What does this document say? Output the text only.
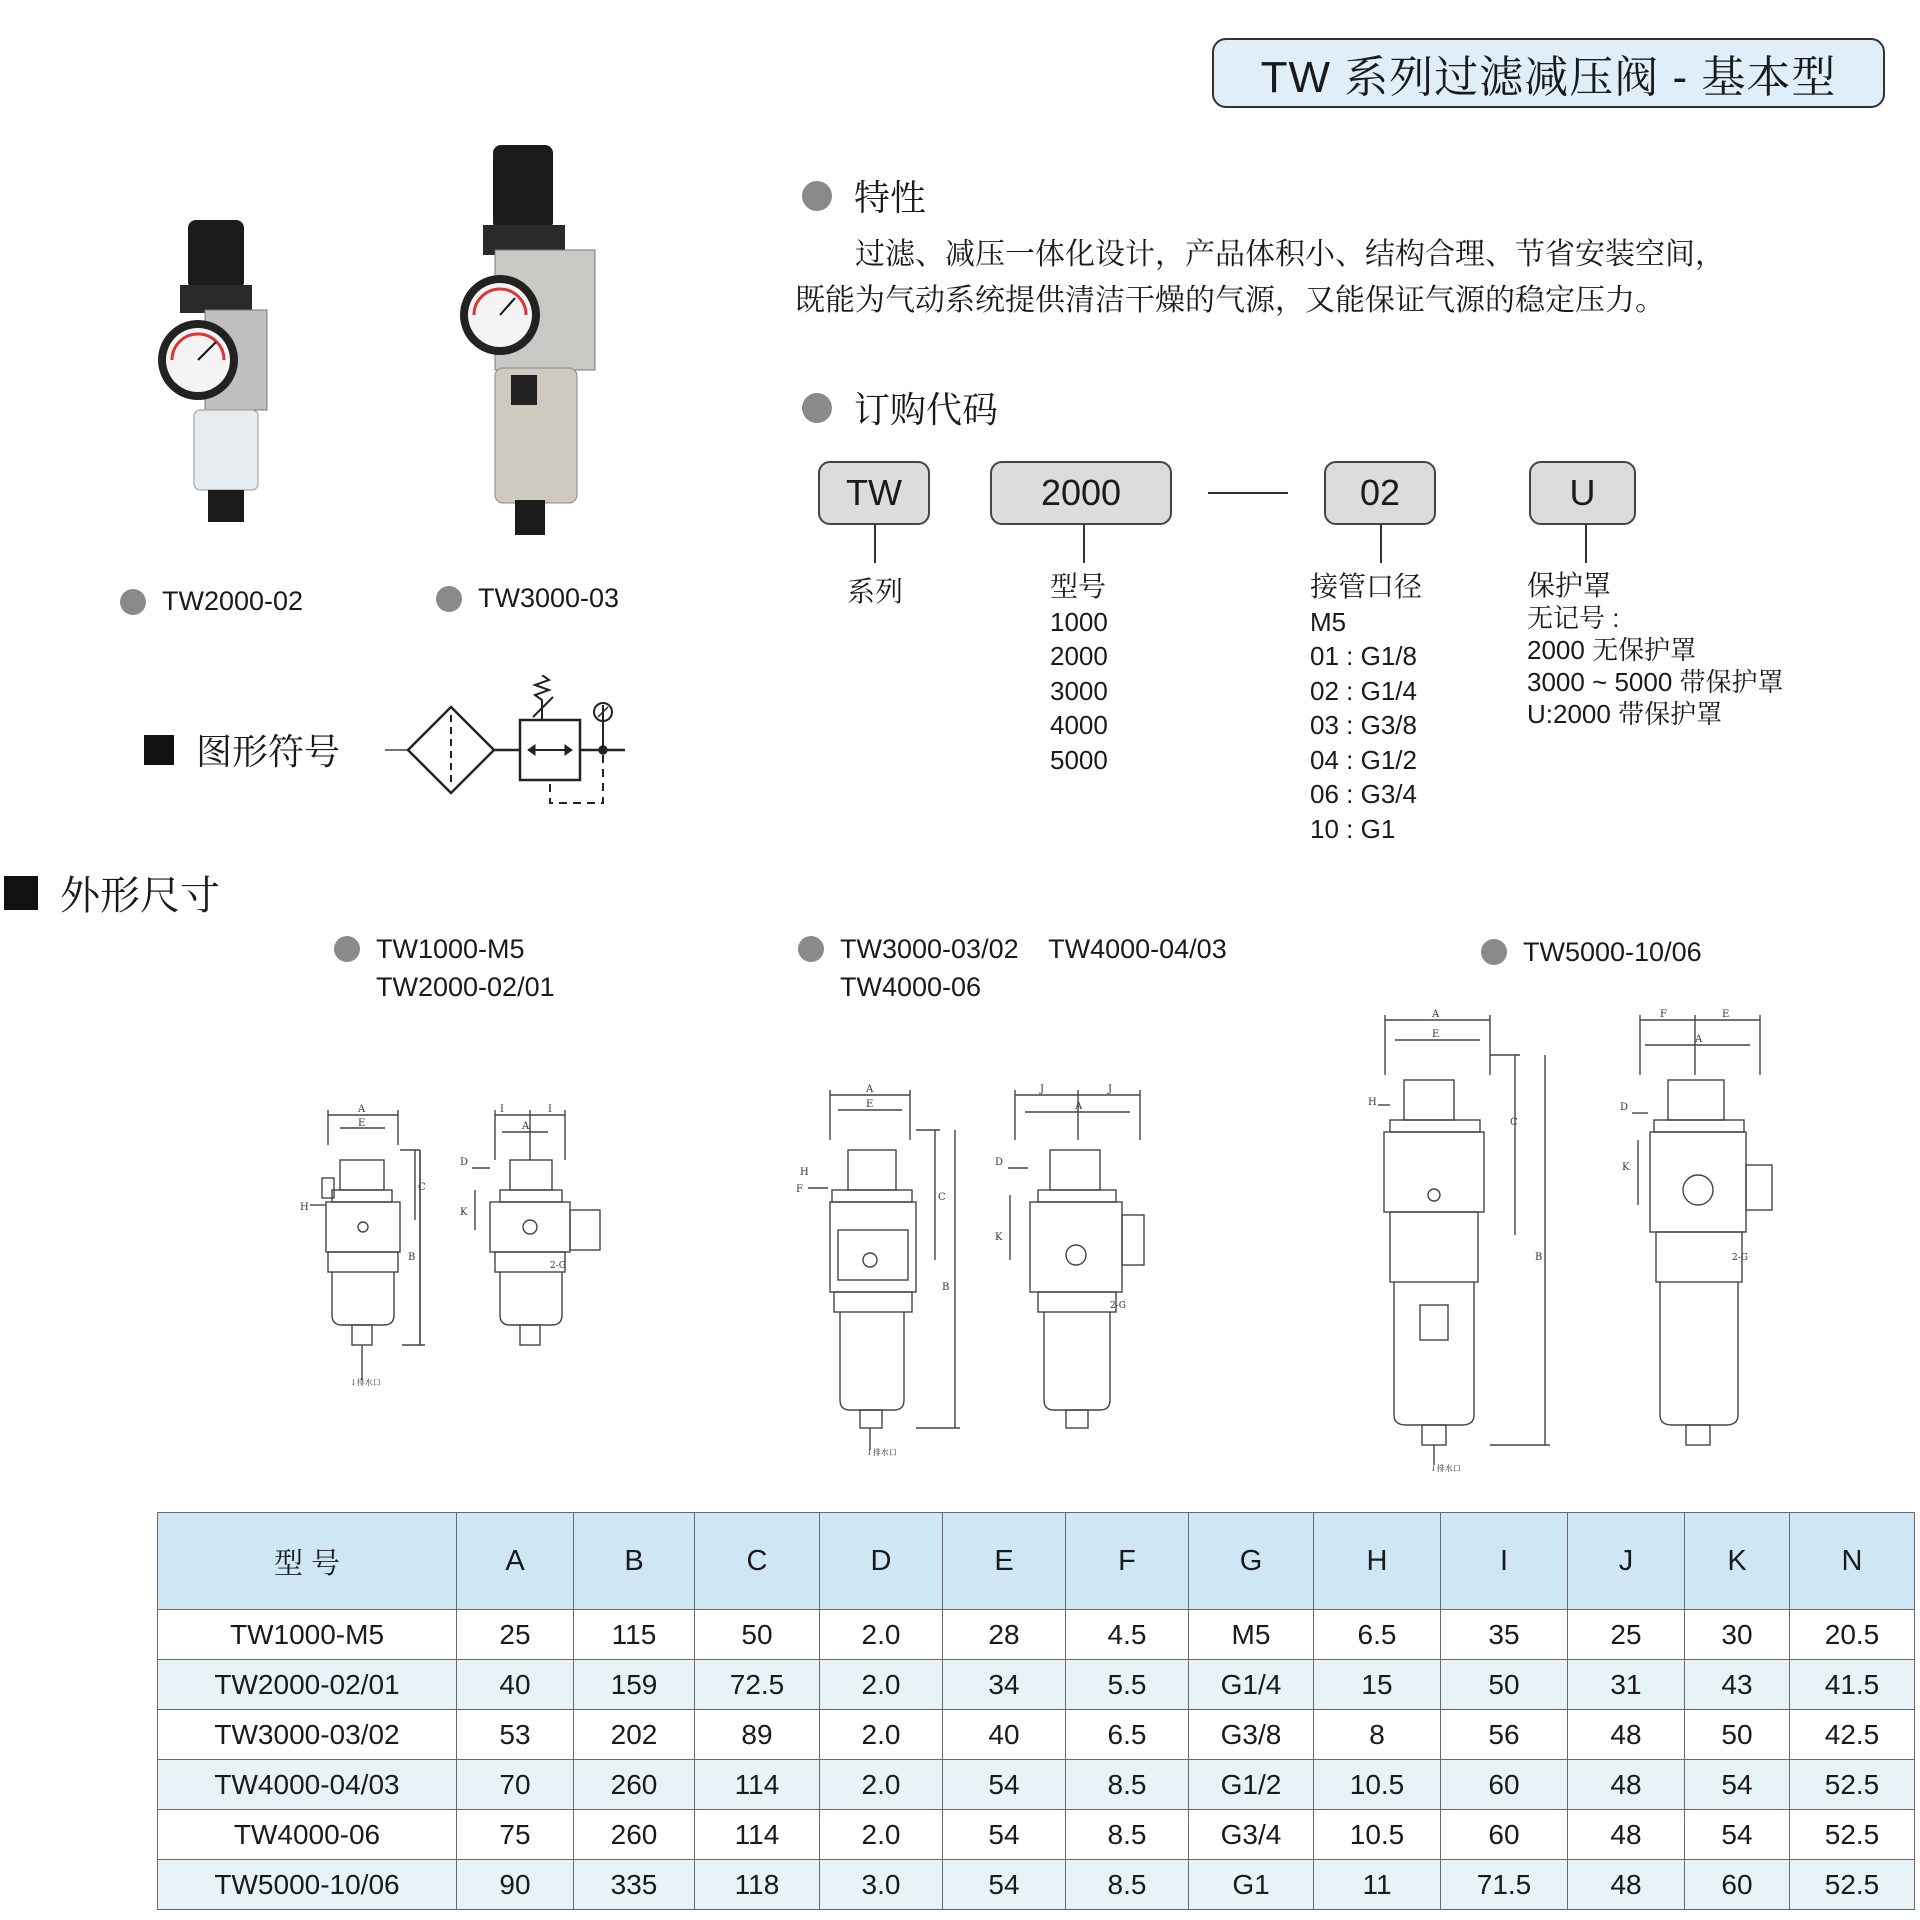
TW 系列过滤减压阀 - 基本型
TW2000-02	TW3000-03
图形符号
特性
过滤、减压一体化设计，产品体积小、结构合理、节省安装空间，
既能为气动系统提供清洁干燥的气源，又能保证气源的稳定压力。
订购代码
TW	2000	02	U
系列	型号
1000
2000
3000
4000
5000
接管口径
M5
01 : G1/8
02 : G1/4
03 : G3/8
04 : G1/2
06 : G3/4
10 : G1
保护罩
无记号 :
2000 无保护罩
3000 ~ 5000 带保护罩
U:2000 带保护罩
外形尺寸
TW1000-M5
TW2000-02/01
TW3000-03/02    TW4000-04/03
TW4000-06
TW5000-10/06
A
E
↓排水口
C
B
H
I	I
A
D
K
2-G
A
E
↓排水口
C
B
H
F
J	J
A
D
K
2-G
A
E
↓排水口
C
B
H
F	E
A
D
K
2-G
型 号	A	B	C	D	E	F	G	H	I	J	K	N
TW1000-M5	25	115	50	2.0	28	4.5	M5	6.5	35	25	30	20.5
TW2000-02/01	40	159	72.5	2.0	34	5.5	G1/4	15	50	31	43	41.5
TW3000-03/02	53	202	89	2.0	40	6.5	G3/8	8	56	48	50	42.5
TW4000-04/03	70	260	114	2.0	54	8.5	G1/2	10.5	60	48	54	52.5
TW4000-06	75	260	114	2.0	54	8.5	G3/4	10.5	60	48	54	52.5
TW5000-10/06	90	335	118	3.0	54	8.5	G1	11	71.5	48	60	52.5
